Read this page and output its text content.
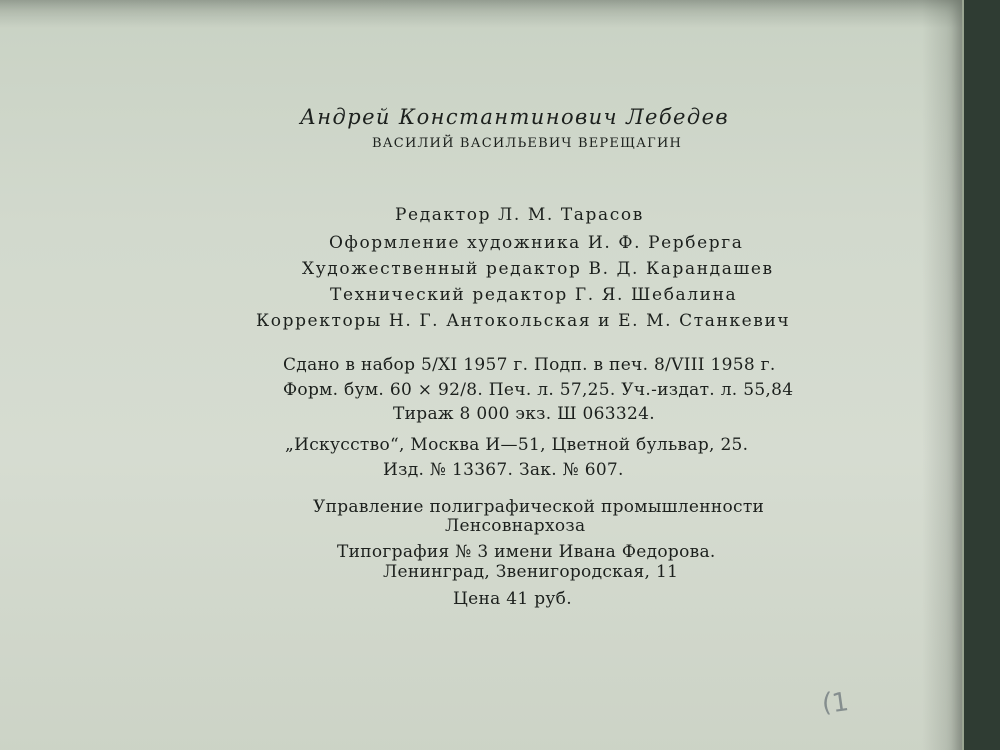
Андрей Константинович Лебедев
ВАСИЛИЙ ВАСИЛЬЕВИЧ ВЕРЕЩАГИН
Редактор Л. М. Тарасов
Оформление художника И. Ф. Рерберга
Художественный редактор В. Д. Карандашев
Технический редактор Г. Я. Шебалина
Корректоры Н. Г. Антокольская и Е. М. Станкевич
Сдано в набор 5/XI 1957 г. Подп. в печ. 8/VIII 1958 г.
Форм. бум. 60 × 92/8. Печ. л. 57,25. Уч.-издат. л. 55,84
Тираж 8 000 экз. Ш 063324.
„Искусство“, Москва И—51, Цветной бульвар, 25.
Изд. № 13367. Зак. № 607.
Управление полиграфической промышленности
Ленсовнархоза
Типография № 3 имени Ивана Федорова.
Ленинград, Звенигородская, 11
Цена 41 руб.
(1
